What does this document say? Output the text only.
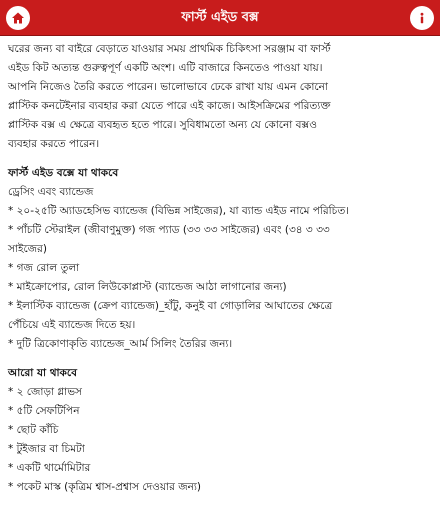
ফার্স্ট এইড বক্স
ঘরের জন্য বা বাইরে বেড়াতে যাওয়ার সময় প্রাথমিক চিকিৎসা সরঞ্জাম বা ফার্স্ট
এইড কিট অত্যন্ত গুরুত্বপূর্ণ একটি অংশ। এটি বাজারে কিনতেও পাওয়া যায়।
আপনি নিজেও তৈরি করতে পারেন। ভালোভাবে ঢেকে রাখা যায় এমন কোনো
প্লাস্টিক কনটেইনার ব্যবহার করা যেতে পারে এই কাজে। আইসক্রিমের পরিত্যক্ত
প্লাস্টিক বক্স এ ক্ষেত্রে ব্যবহৃত হতে পারে। সুবিধামতো অন্য যে কোনো বক্সও
ব্যবহার করতে পারেন।
ফার্স্ট এইড বক্সে যা থাকবে
ড্রেসিং এবং ব্যান্ডেজ
* ২০-২৫টি অ্যাডহেসিভ ব্যান্ডেজ (বিভিন্ন সাইজের), যা ব্যান্ড এইড নামে পরিচিত।
* পাঁচটি স্টেরাইল (জীবাণুমুক্ত) গজ প্যাড (৩৩ ৩৩ সাইজের) এবং (৩৪ ৩ ৩৩
সাইজের)
* গজ রোল তুলা
* মাইক্রোপোর, রোল লিউকোপ্লাস্ট (ব্যান্ডেজ আঠা লাগানোর জন্য)
* ইলাস্টিক ব্যান্ডেজ (ক্রেপ ব্যান্ডেজ)_হাঁটু, কনুই বা গোড়ালির আঘাতের ক্ষেত্রে
পেঁচিয়ে এই ব্যান্ডেজ দিতে হয়।
* দুটি ত্রিকোণাকৃতি ব্যান্ডেজ_আর্ম সিলিং তৈরির জন্য।
আরো যা থাকবে
* ২ জোড়া গ্লাভস
* ৫টি সেফটিপিন
* ছোট কাঁচি
* টুইজার বা চিমটা
* একটি থার্মোমিটার
* পকেট মাস্ক (কৃত্রিম শ্বাস-প্রশ্বাস দেওয়ার জন্য)
